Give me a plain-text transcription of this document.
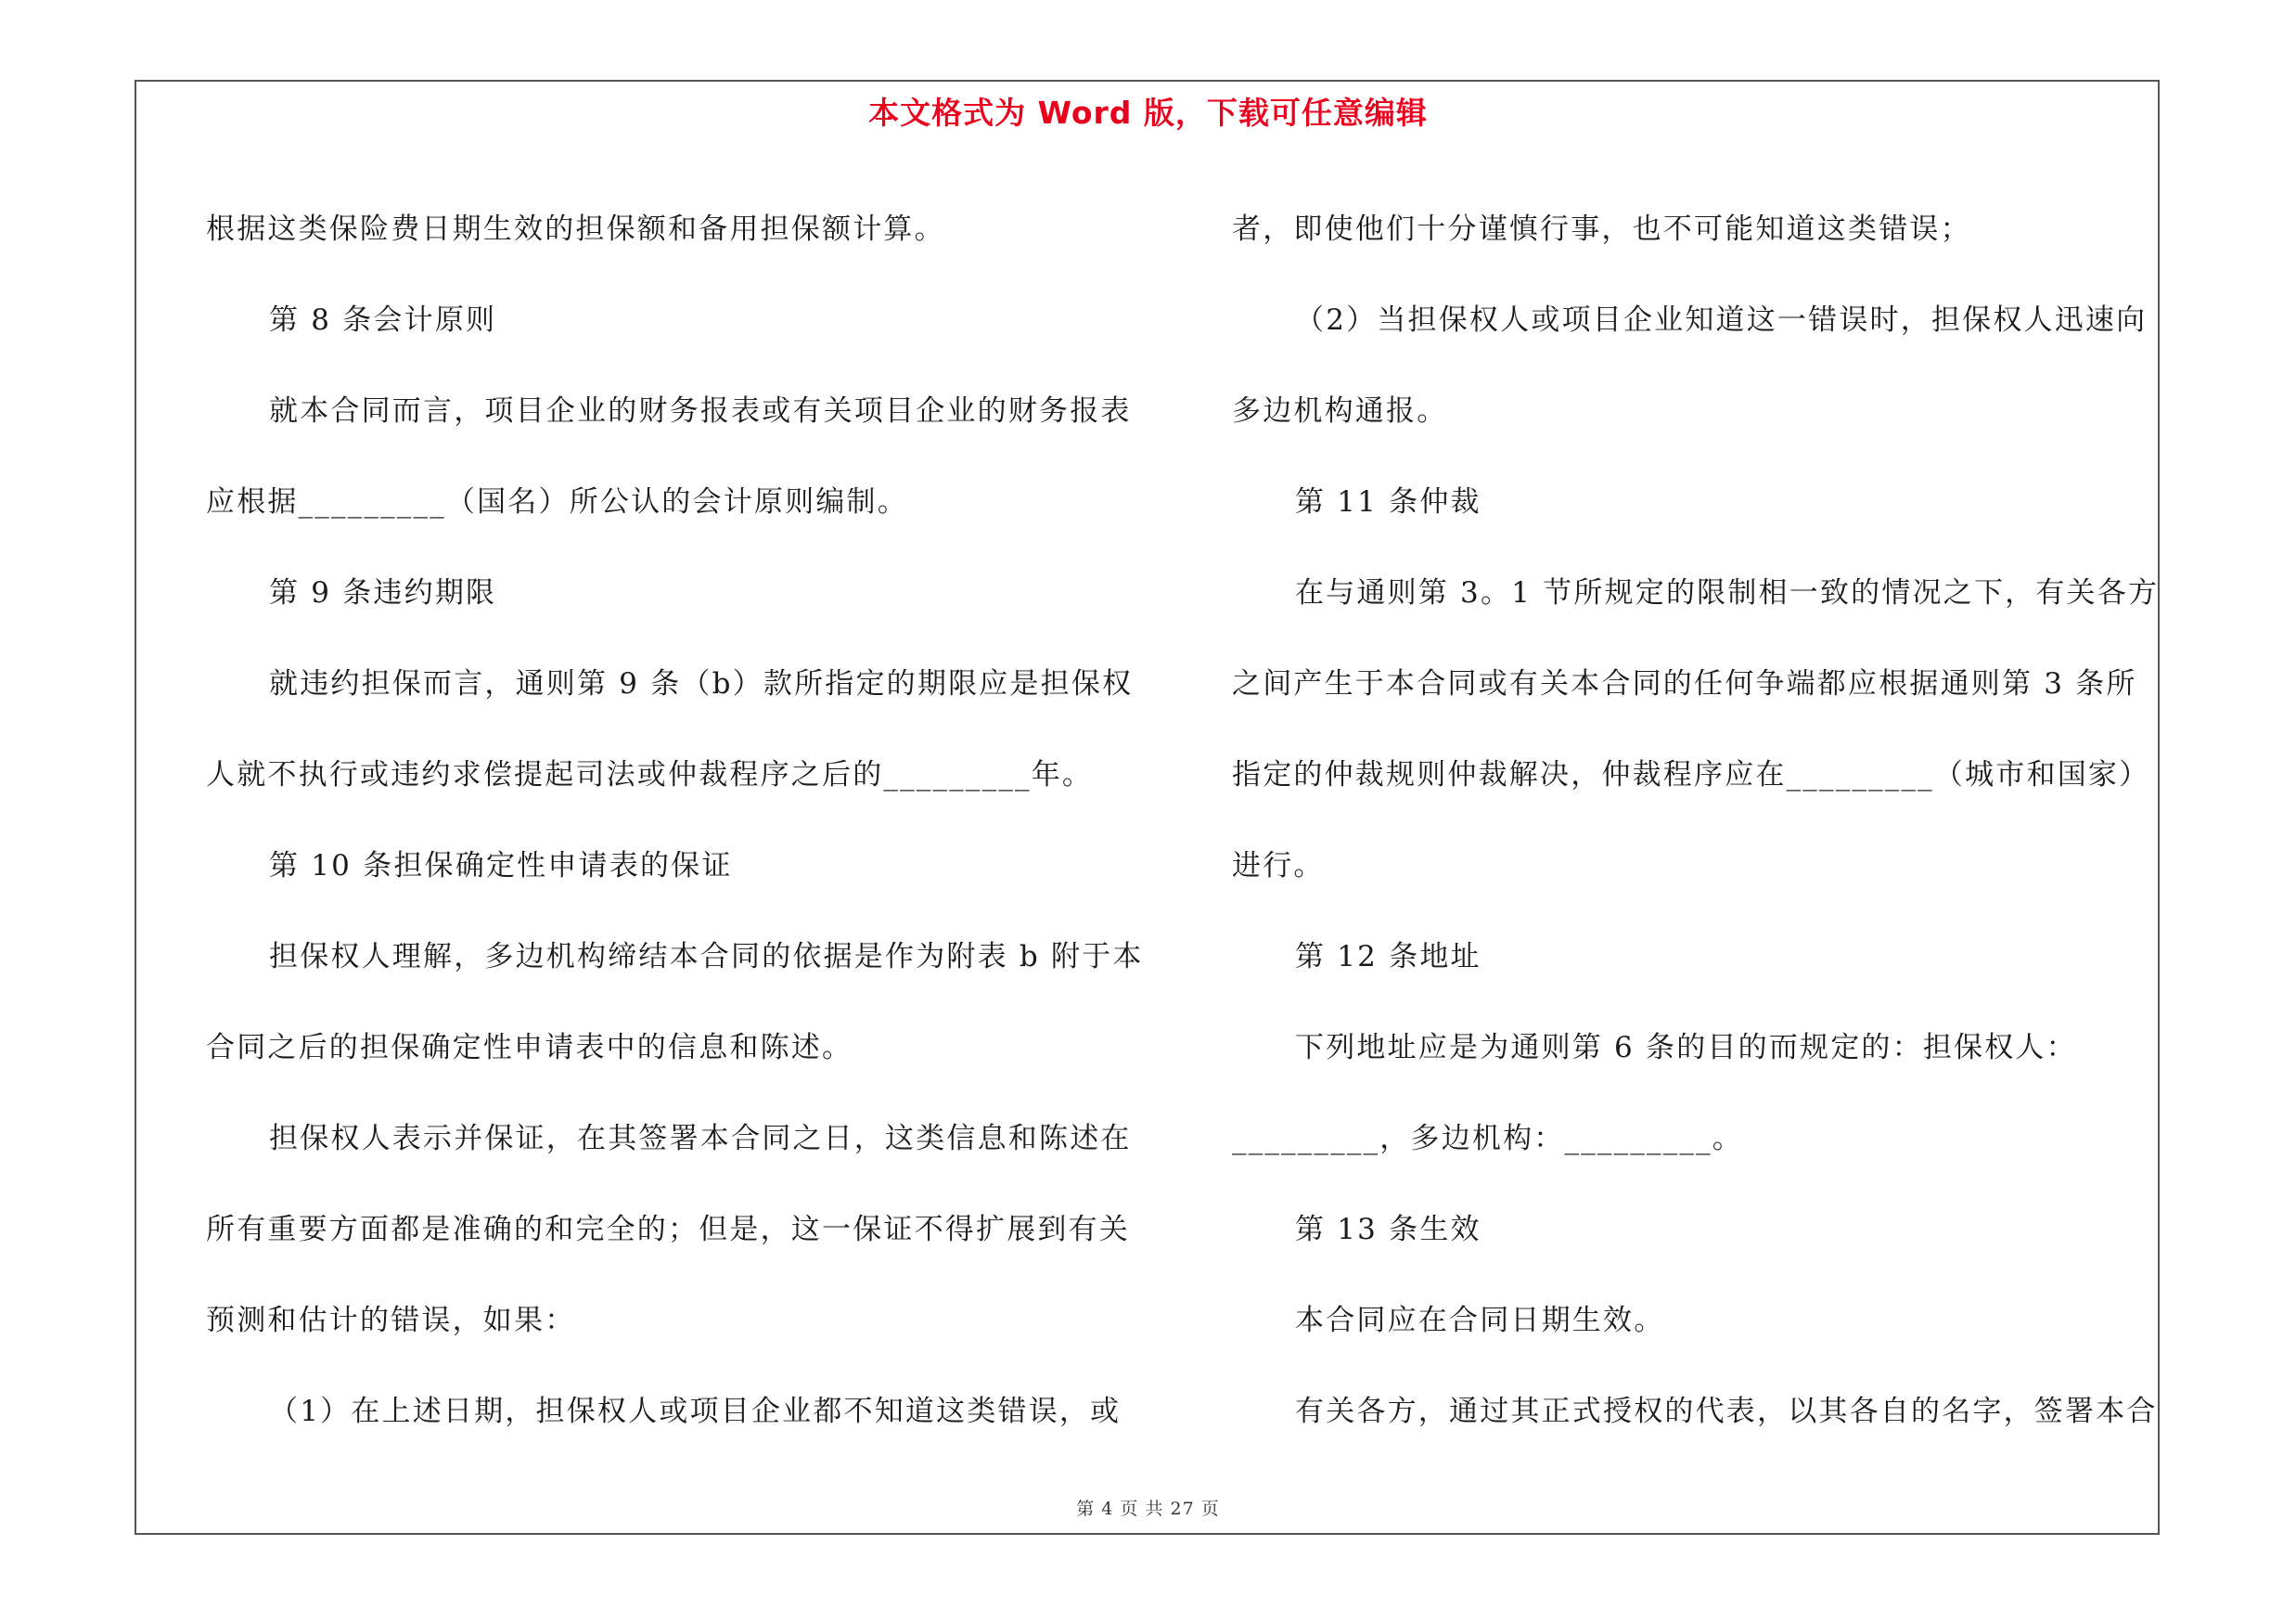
本文格式为 Word 版，下载可任意编辑
根据这类保险费日期生效的担保额和备用担保额计算。
第 8 条会计原则
就本合同而言，项目企业的财务报表或有关项目企业的财务报表
应根据_________（国名）所公认的会计原则编制。
第 9 条违约期限
就违约担保而言，通则第 9 条（b）款所指定的期限应是担保权
人就不执行或违约求偿提起司法或仲裁程序之后的_________年。
第 10 条担保确定性申请表的保证
担保权人理解，多边机构缔结本合同的依据是作为附表 b 附于本
合同之后的担保确定性申请表中的信息和陈述。
担保权人表示并保证，在其签署本合同之日，这类信息和陈述在
所有重要方面都是准确的和完全的；但是，这一保证不得扩展到有关
预测和估计的错误，如果：
（1）在上述日期，担保权人或项目企业都不知道这类错误，或
者，即使他们十分谨慎行事，也不可能知道这类错误；
（2）当担保权人或项目企业知道这一错误时，担保权人迅速向
多边机构通报。
第 11 条仲裁
在与通则第 3。1 节所规定的限制相一致的情况之下，有关各方
之间产生于本合同或有关本合同的任何争端都应根据通则第 3 条所
指定的仲裁规则仲裁解决，仲裁程序应在_________（城市和国家）
进行。
第 12 条地址
下列地址应是为通则第 6 条的目的而规定的：担保权人：
_________，多边机构：_________。
第 13 条生效
本合同应在合同日期生效。
有关各方，通过其正式授权的代表，以其各自的名字，签署本合
第 4 页 共 27 页
